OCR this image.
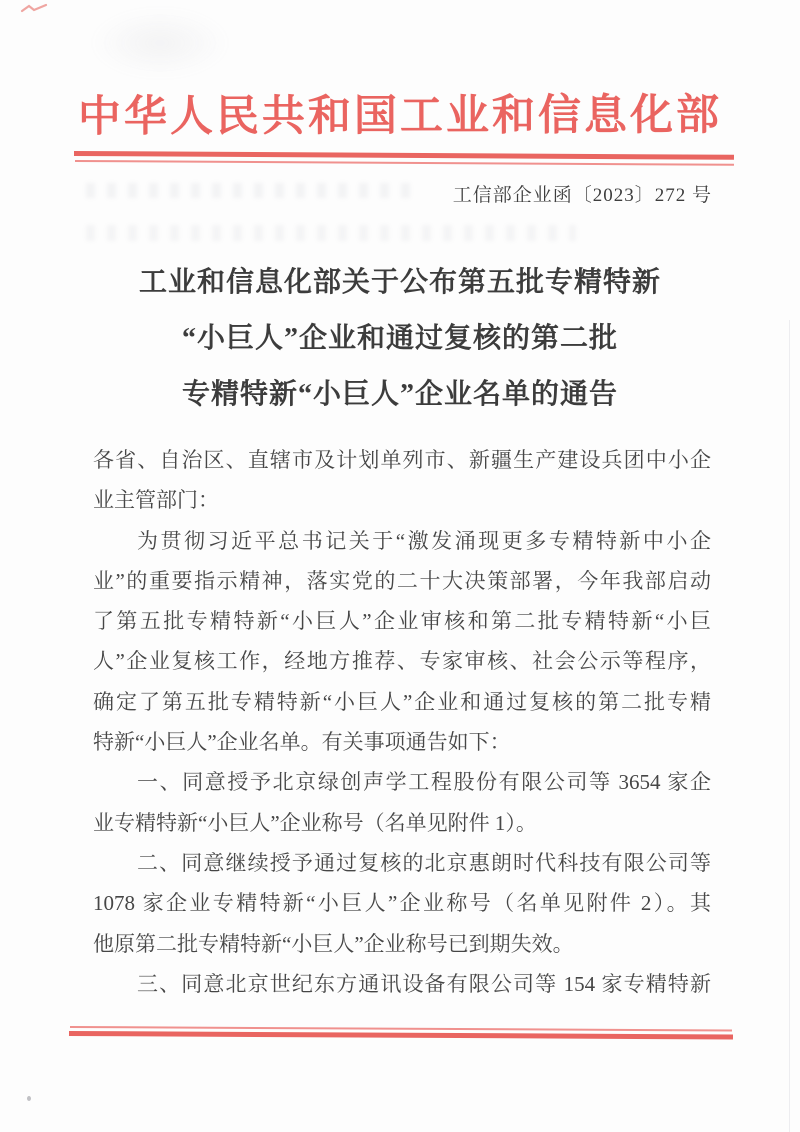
中华人民共和国工业和信息化部
工信部企业函〔2023〕272 号
工业和信息化部关于公布第五批专精特新
“小巨人”企业和通过复核的第二批
专精特新“小巨人”企业名单的通告
各省、自治区、直辖市及计划单列市、新疆生产建设兵团中小企
业主管部门：
为贯彻习近平总书记关于“激发涌现更多专精特新中小企
业”的重要指示精神，落实党的二十大决策部署，今年我部启动
了第五批专精特新“小巨人”企业审核和第二批专精特新“小巨
人”企业复核工作，经地方推荐、专家审核、社会公示等程序，
确定了第五批专精特新“小巨人”企业和通过复核的第二批专精
特新“小巨人”企业名单。有关事项通告如下：
一、同意授予北京绿创声学工程股份有限公司等 3654 家企
业专精特新“小巨人”企业称号（名单见附件 1）。
二、同意继续授予通过复核的北京惠朗时代科技有限公司等
1078 家企业专精特新“小巨人”企业称号（名单见附件 2）。其
他原第二批专精特新“小巨人”企业称号已到期失效。
三、同意北京世纪东方通讯设备有限公司等 154 家专精特新
